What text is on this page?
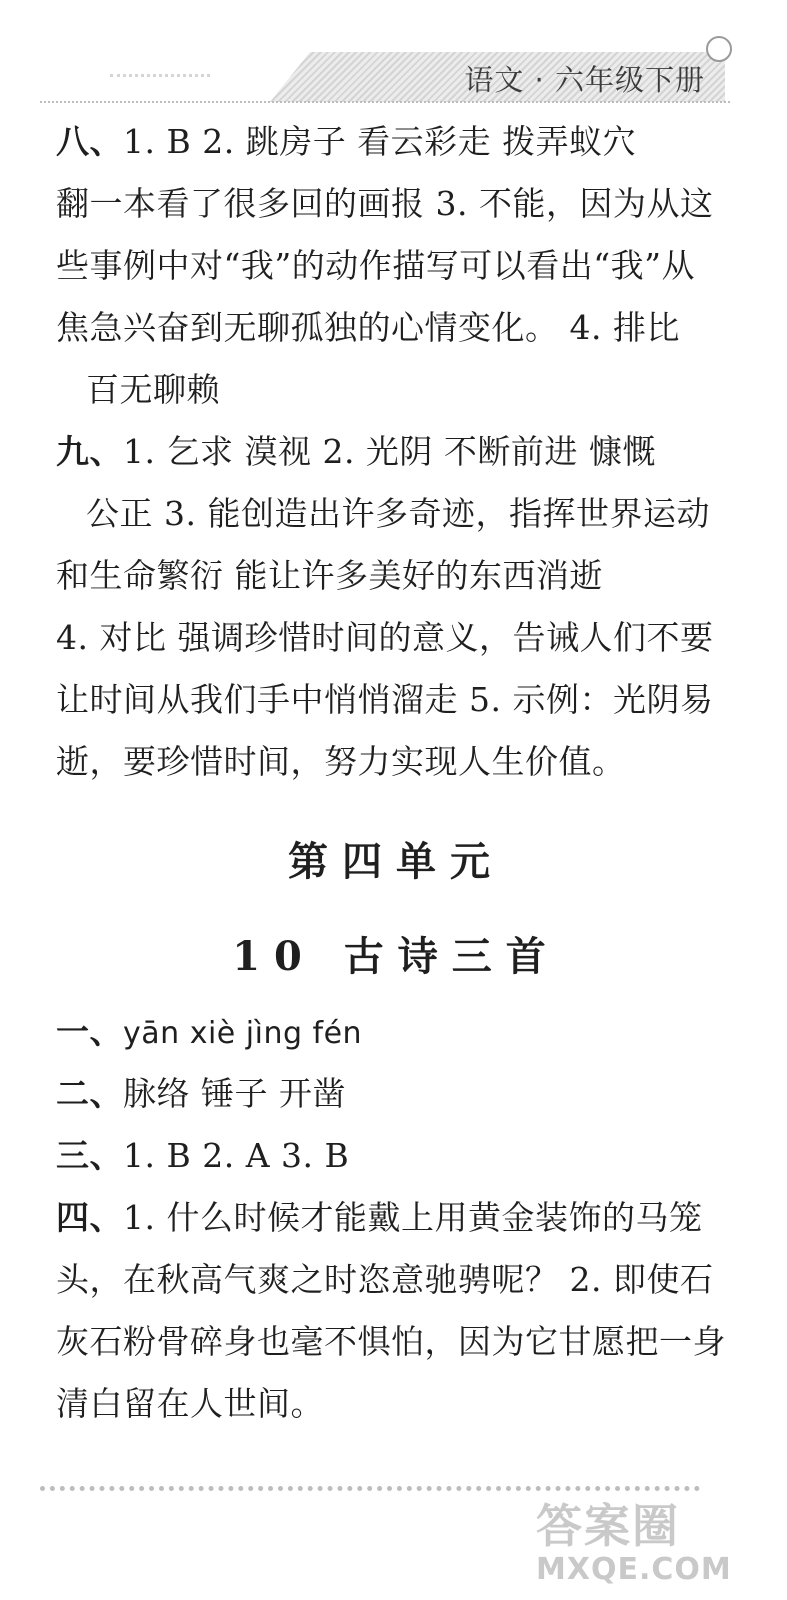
语文 · 六年级下册
八、1. B 2. 跳房子 看云彩走 拨弄蚁穴
翻一本看了很多回的画报 3. 不能，因为从这
些事例中对“我”的动作描写可以看出“我”从
焦急兴奋到无聊孤独的心情变化。 4. 排比
百无聊赖
九、1. 乞求 漠视 2. 光阴 不断前进 慷慨
公正 3. 能创造出许多奇迹，指挥世界运动
和生命繁衍 能让许多美好的东西消逝
4. 对比 强调珍惜时间的意义，告诫人们不要
让时间从我们手中悄悄溜走 5. 示例：光阴易
逝，要珍惜时间，努力实现人生价值。
第四单元
10 古诗三首
一、yān xiè jìng fén
二、脉络 锤子 开凿
三、1. B 2. A 3. B
四、1. 什么时候才能戴上用黄金装饰的马笼
头，在秋高气爽之时恣意驰骋呢？ 2. 即使石
灰石粉骨碎身也毫不惧怕，因为它甘愿把一身
清白留在人世间。
答案圈
MXQE.COM
